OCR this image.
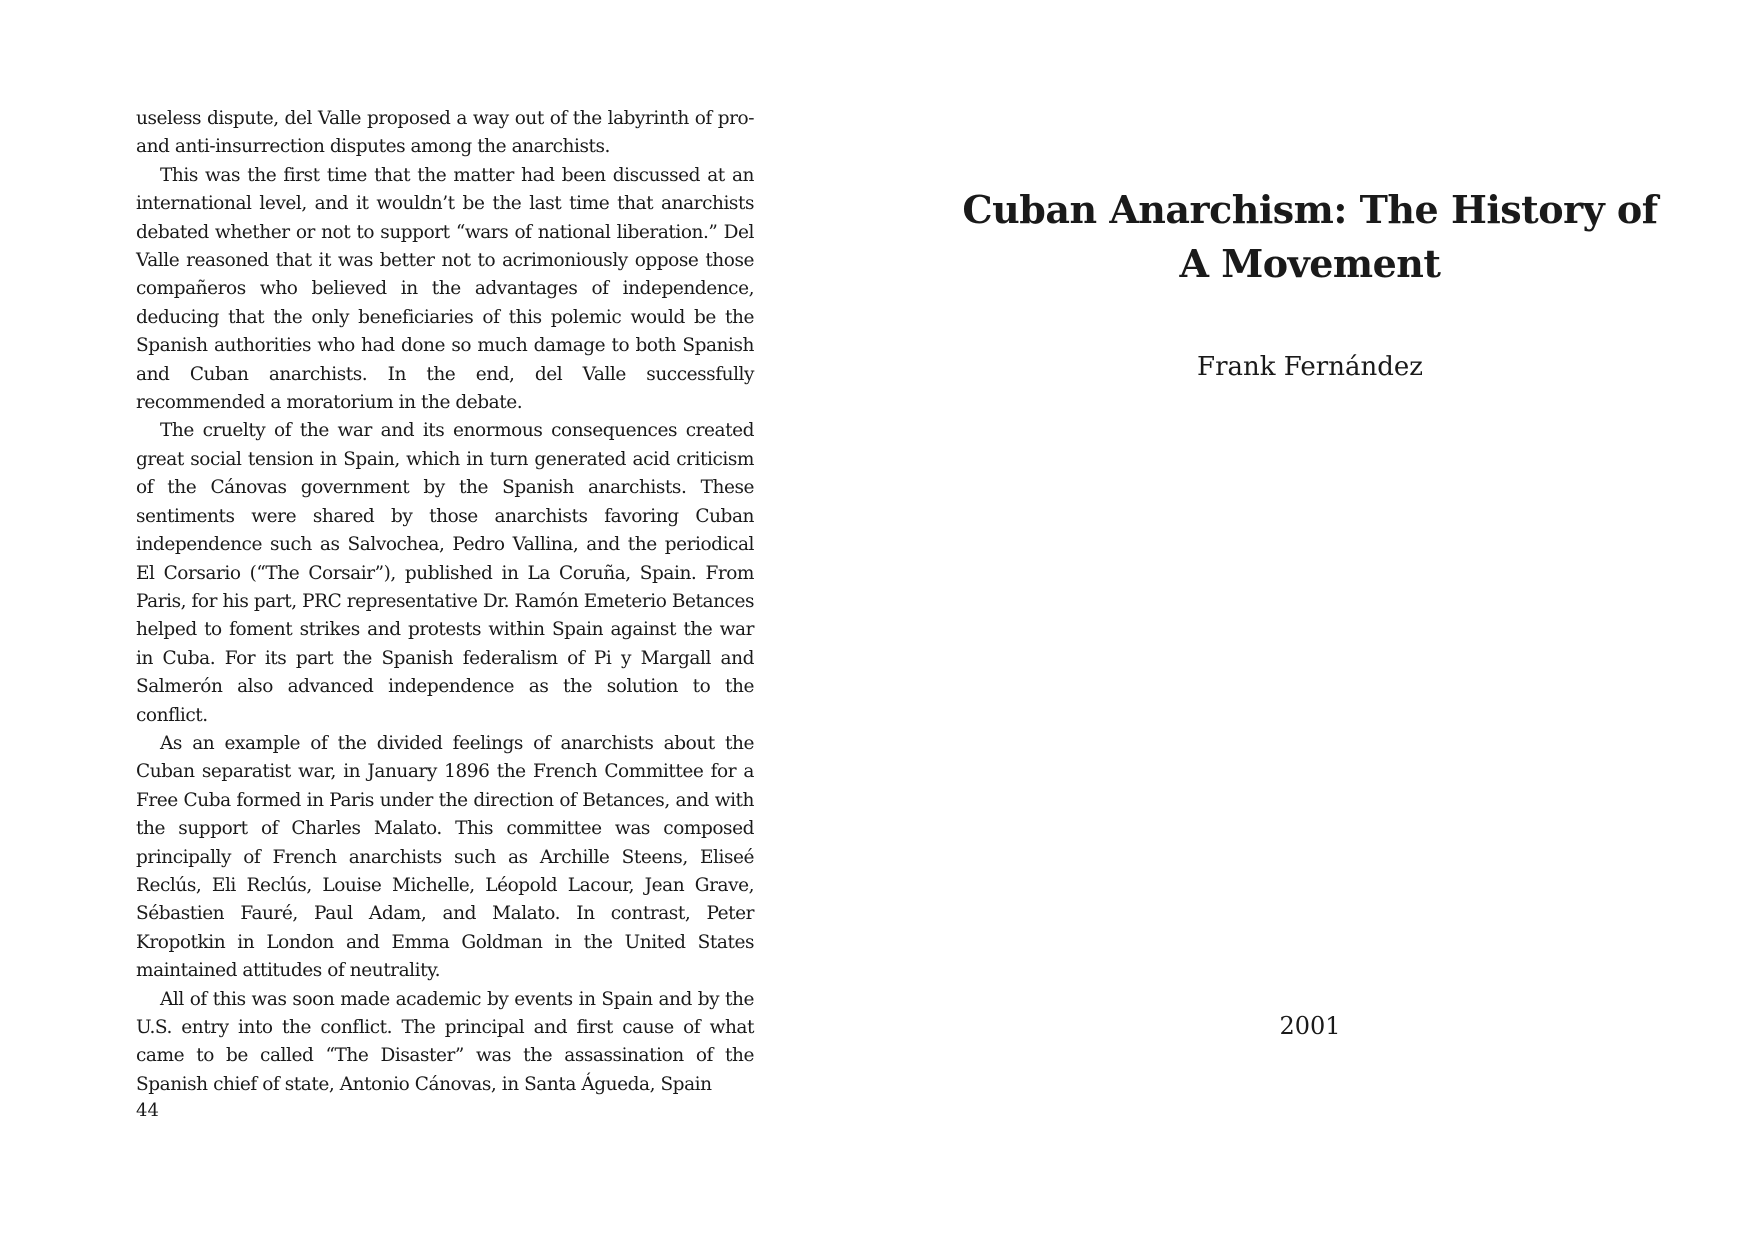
useless dispute, del Valle proposed a way out of the labyrinth of pro- and anti-insurrection disputes among the anarchists.

This was the first time that the matter had been discussed at an international level, and it wouldn’t be the last time that anarchists debated whether or not to support “wars of national liberation.” Del Valle reasoned that it was better not to acrimoniously oppose those compañeros who believed in the advantages of independence, deducing that the only beneficiaries of this polemic would be the Spanish authorities who had done so much damage to both Spanish and Cuban anarchists. In the end, del Valle successfully recommended a moratorium in the debate.

The cruelty of the war and its enormous consequences created great social tension in Spain, which in turn generated acid criticism of the Cánovas government by the Spanish anarchists. These sentiments were shared by those anarchists favoring Cuban independence such as Salvochea, Pedro Vallina, and the periodical El Corsario (“The Corsair”), published in La Coruña, Spain. From Paris, for his part, PRC representative Dr. Ramón Emeterio Betances helped to foment strikes and protests within Spain against the war in Cuba. For its part the Spanish federalism of Pi y Margall and Salmerón also advanced independence as the solution to the conflict.

As an example of the divided feelings of anarchists about the Cuban separatist war, in January 1896 the French Committee for a Free Cuba formed in Paris under the direction of Betances, and with the support of Charles Malato. This committee was composed principally of French anarchists such as Archille Steens, Eliseé Reclús, Eli Reclús, Louise Michelle, Léopold Lacour, Jean Grave, Sébastien Fauré, Paul Adam, and Malato. In contrast, Peter Kropotkin in London and Emma Goldman in the United States maintained attitudes of neutrality.

All of this was soon made academic by events in Spain and by the U.S. entry into the conflict. The principal and first cause of what came to be called “The Disaster” was the assassination of the Spanish chief of state, Antonio Cánovas, in Santa Águeda, Spain

44
Cuban Anarchism: The History of
A Movement
Frank Fernández
2001
